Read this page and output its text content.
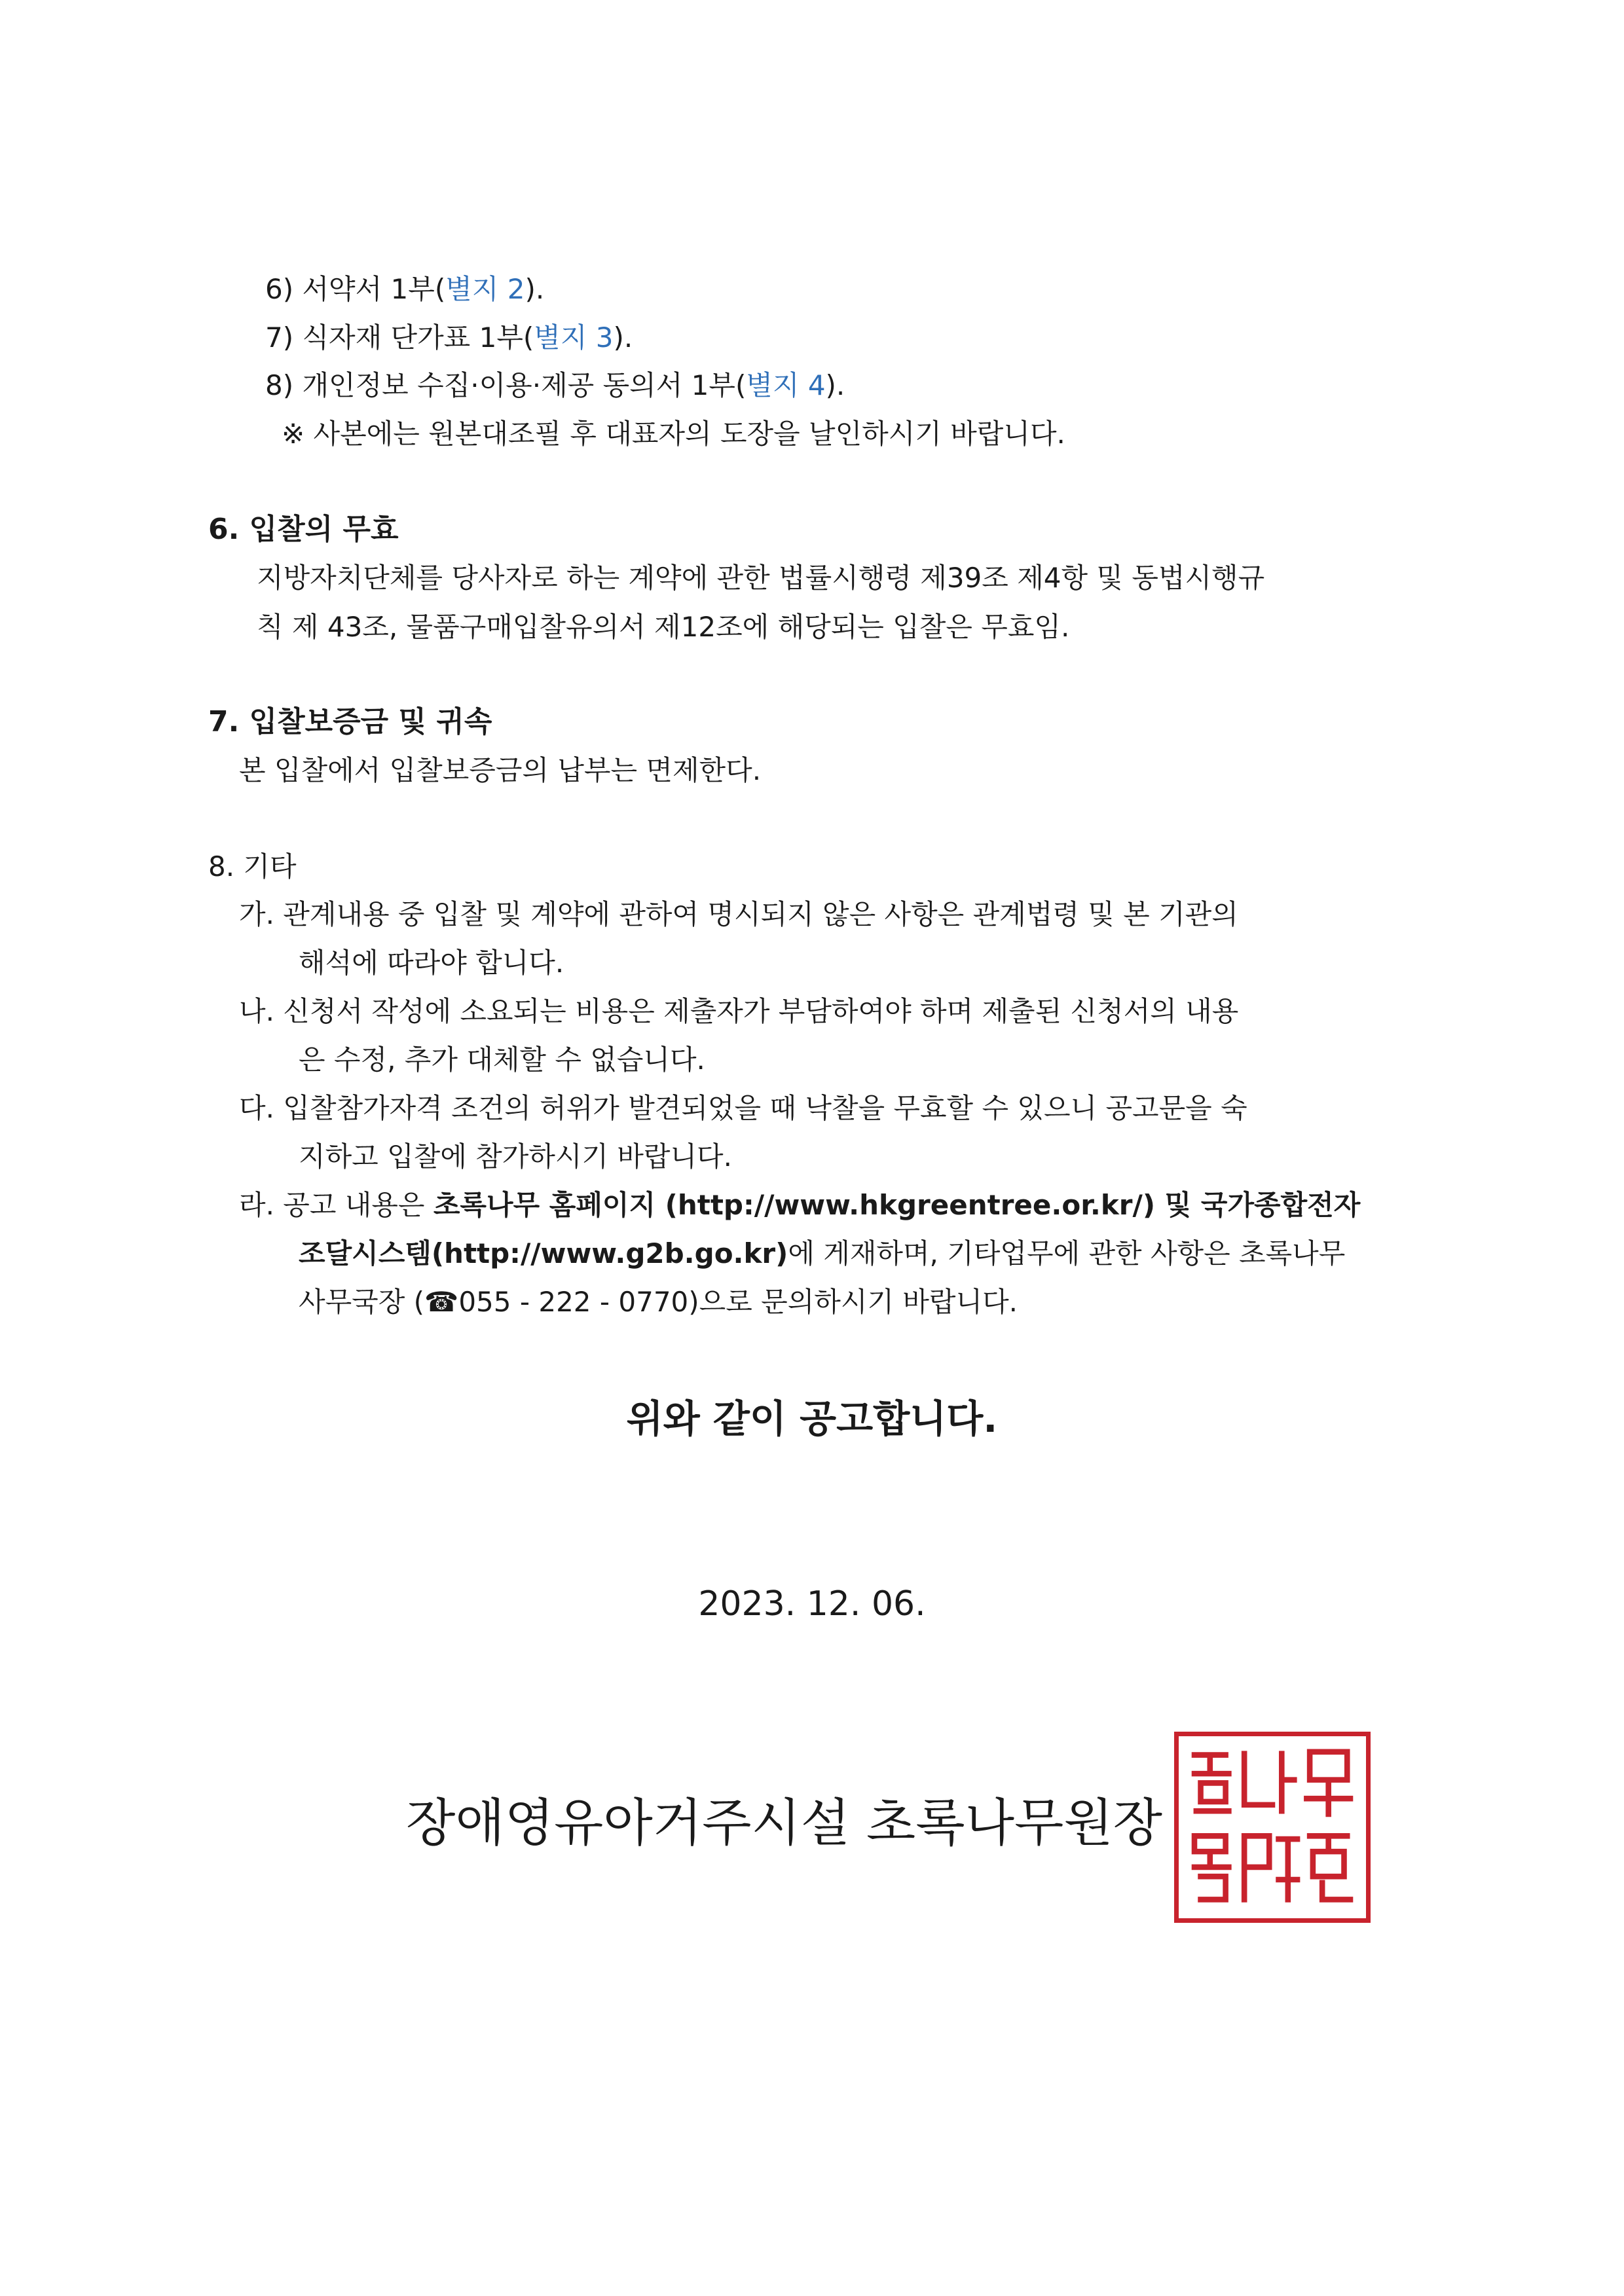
6) 서약서 1부(별지 2).
7) 식자재 단가표 1부(별지 3).
8) 개인정보 수집·이용·제공 동의서 1부(별지 4).
※ 사본에는 원본대조필 후 대표자의 도장을 날인하시기 바랍니다.
6. 입찰의 무효
지방자치단체를 당사자로 하는 계약에 관한 법률시행령 제39조 제4항 및 동법시행규
칙 제 43조, 물품구매입찰유의서 제12조에 해당되는 입찰은 무효임.
7. 입찰보증금 및 귀속
본 입찰에서 입찰보증금의 납부는 면제한다.
8. 기타
가. 관계내용 중 입찰 및 계약에 관하여 명시되지 않은 사항은 관계법령 및 본 기관의
해석에 따라야 합니다.
나. 신청서 작성에 소요되는 비용은 제출자가 부담하여야 하며 제출된 신청서의 내용
은 수정, 추가 대체할 수 없습니다.
다. 입찰참가자격 조건의 허위가 발견되었을 때 낙찰을 무효할 수 있으니 공고문을 숙
지하고 입찰에 참가하시기 바랍니다.
라. 공고 내용은 초록나무 홈페이지 (http://www.hkgreentree.or.kr/) 및 국가종합전자
조달시스템(http://www.g2b.go.kr)에 게재하며, 기타업무에 관한 사항은 초록나무
사무국장 (☎055 - 222 - 0770)으로 문의하시기 바랍니다.
위와 같이 공고합니다.
2023. 12. 06.
장애영유아거주시설 초록나무원장
